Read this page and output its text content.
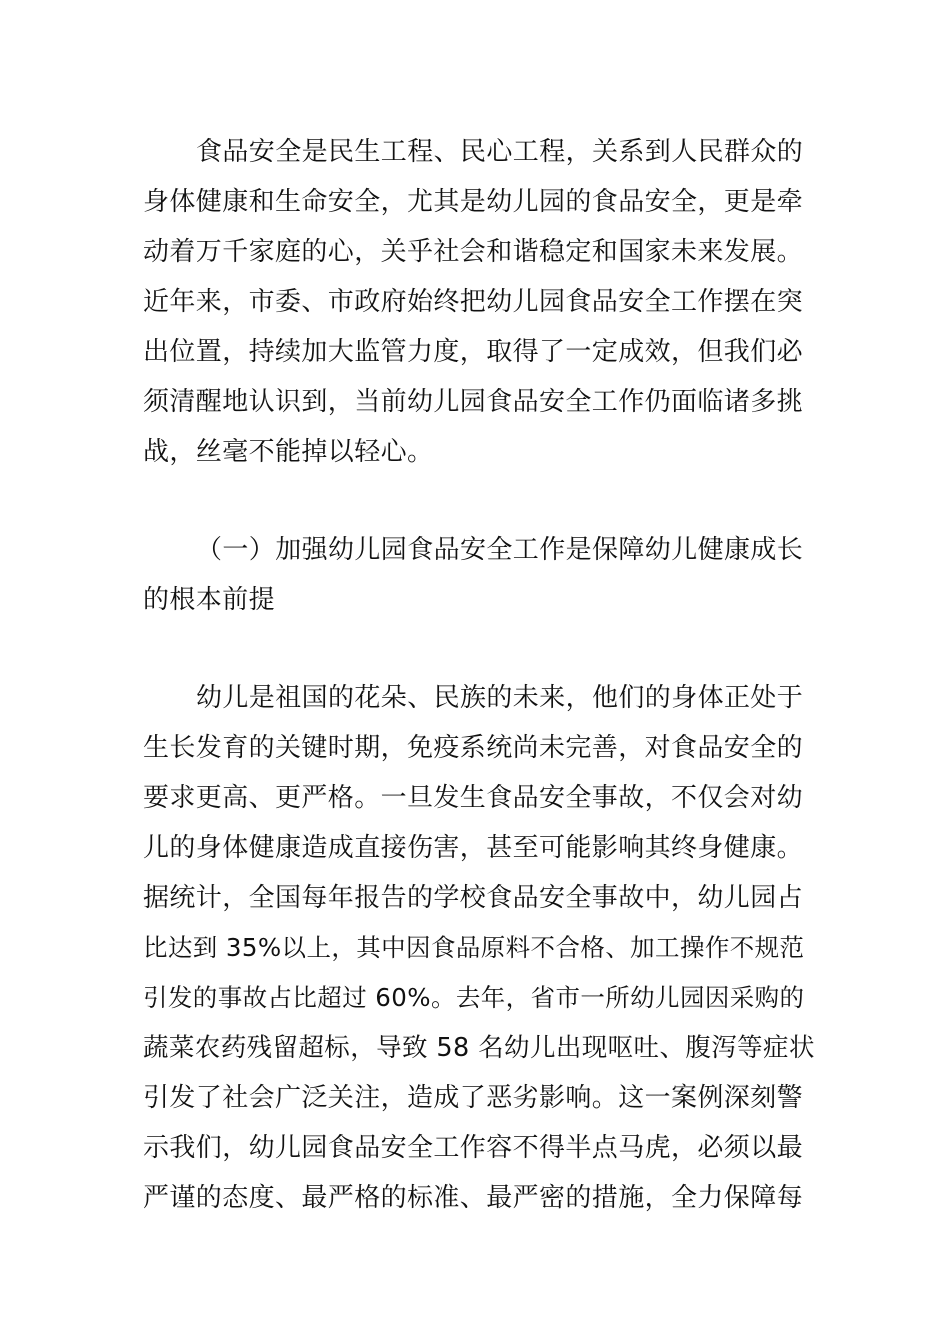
食品安全是民生工程、民心工程，关系到人民群众的
身体健康和生命安全，尤其是幼儿园的食品安全，更是牵
动着万千家庭的心，关乎社会和谐稳定和国家未来发展。
近年来，市委、市政府始终把幼儿园食品安全工作摆在突
出位置，持续加大监管力度，取得了一定成效，但我们必
须清醒地认识到，当前幼儿园食品安全工作仍面临诸多挑
战，丝毫不能掉以轻心。
（一）加强幼儿园食品安全工作是保障幼儿健康成长
的根本前提
幼儿是祖国的花朵、民族的未来，他们的身体正处于
生长发育的关键时期，免疫系统尚未完善，对食品安全的
要求更高、更严格。一旦发生食品安全事故，不仅会对幼
儿的身体健康造成直接伤害，甚至可能影响其终身健康。
据统计，全国每年报告的学校食品安全事故中，幼儿园占
比达到 35%以上，其中因食品原料不合格、加工操作不规范
引发的事故占比超过 60%。去年，省市一所幼儿园因采购的
蔬菜农药残留超标，导致 58 名幼儿出现呕吐、腹泻等症状
引发了社会广泛关注，造成了恶劣影响。这一案例深刻警
示我们，幼儿园食品安全工作容不得半点马虎，必须以最
严谨的态度、最严格的标准、最严密的措施，全力保障每
